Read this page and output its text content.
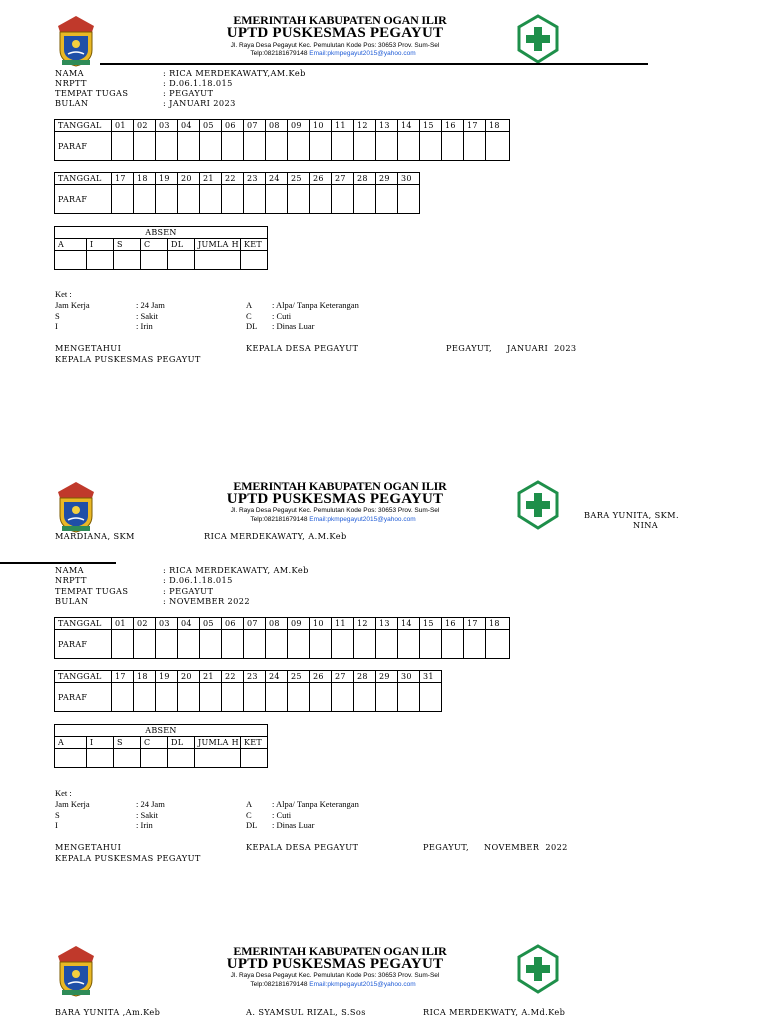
EMERINTAH KABUPATEN OGAN ILIR
UPTD PUSKESMAS PEGAYUT
Jl. Raya Desa Pegayut Kec. Pemulutan Kode Pos: 30653 Prov. Sum-Sel
Telp:082181679148 Email:pkmpegayut2015@yahoo.com
NAMA	: RICA MERDEKAWATY,AM.Keb
NRPTT	: D.06.1.18.015
TEMPAT TUGAS	: PEGAYUT
BULAN	: JANUARI 2023
TANGGAL	01	02	03	04	05	06	07	08	09	10	11	12	13	14	15	16	17	18
PARAF																		
TANGGAL	17	18	19	20	21	22	23	24	25	26	27	28	29	30
PARAF														
ABSEN						
A	I	S	C	DL	JUMLA H	KET

Ket :
Jam Kerja	: 24 Jam	A : Alpa/ Tanpa Keterangan
S	: Sakit	C : Cuti
I	: Irin	DL : Dinas Luar
MENGETAHUI
KEPALA PUSKESMAS PEGAYUT
KEPALA DESA PEGAYUT	PEGAYUT,     JANUARI  2023
EMERINTAH KABUPATEN OGAN ILIR
UPTD PUSKESMAS PEGAYUT
Jl. Raya Desa Pegayut Kec. Pemulutan Kode Pos: 30653 Prov. Sum-Sel
Telp:082181679148 Email:pkmpegayut2015@yahoo.com	BARA YUNITA, SKM.
NINA
MARDIANA, SKM	RICA MERDEKAWATY, A.M.Keb
NAMA	: RICA MERDEKAWATY, AM.Keb
NRPTT	: D.06.1.18.015
TEMPAT TUGAS	: PEGAYUT
BULAN	: NOVEMBER 2022
TANGGAL	01	02	03	04	05	06	07	08	09	10	11	12	13	14	15	16	17	18
PARAF																		
TANGGAL	17	18	19	20	21	22	23	24	25	26	27	28	29	30	31
PARAF															
ABSEN						
A	I	S	C	DL	JUMLA H	KET

Ket :
Jam Kerja	: 24 Jam	A : Alpa/ Tanpa Keterangan
S	: Sakit	C : Cuti
I	: Irin	DL : Dinas Luar
MENGETAHUI
KEPALA PUSKESMAS PEGAYUT
KEPALA DESA PEGAYUT	PEGAYUT,     NOVEMBER  2022
EMERINTAH KABUPATEN OGAN ILIR
UPTD PUSKESMAS PEGAYUT
Jl. Raya Desa Pegayut Kec. Pemulutan Kode Pos: 30653 Prov. Sum-Sel
Telp:082181679148 Email:pkmpegayut2015@yahoo.com
BARA YUNITA ,Am.Keb	A. SYAMSUL RIZAL, S.Sos	RICA MERDEKWATY, A.Md.Keb
